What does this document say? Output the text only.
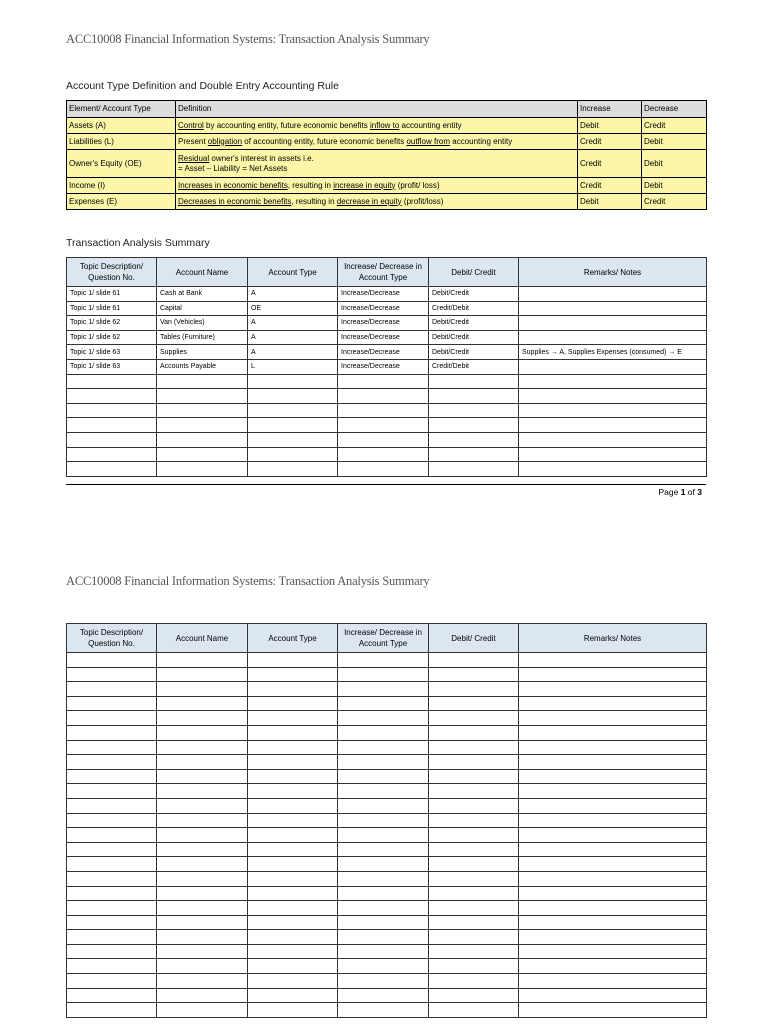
ACC10008 Financial Information Systems: Transaction Analysis Summary
Account Type Definition and Double Entry Accounting Rule
Element/ Account Type	Definition	Increase	Decrease
Assets (A)	Control by accounting entity, future economic benefits inflow to accounting entity	Debit	Credit
Liabilities (L)	Present obligation of accounting entity, future economic benefits outflow from accounting entity	Credit	Debit
Owner's Equity (OE)	Residual owner's interest in assets i.e.
= Asset – Liability = Net Assets	Credit	Debit
Income (I)	Increases in economic benefits, resulting in increase in equity (profit/ loss)	Credit	Debit
Expenses (E)	Decreases in economic benefits, resulting in decrease in equity (profit/loss)	Debit	Credit
Transaction Analysis Summary
Topic Description/ Question No.	Account Name	Account Type	Increase/ Decrease in Account Type	Debit/ Credit	Remarks/ Notes
Topic 1/ slide 61	Cash at Bank	A	Increase/Decrease	Debit/Credit	
Topic 1/ slide 61	Capital	OE	Increase/Decrease	Credit/Debit	
Topic 1/ slide 62	Van (Vehicles)	A	Increase/Decrease	Debit/Credit	
Topic 1/ slide 62	Tables (Furniture)	A	Increase/Decrease	Debit/Credit	
Topic 1/ slide 63	Supplies	A	Increase/Decrease	Debit/Credit	Supplies → A, Supplies Expenses (consumed) → E
Topic 1/ slide 63	Accounts Payable	L	Increase/Decrease	Credit/Debit	

Page 1 of 3
ACC10008 Financial Information Systems: Transaction Analysis Summary
Topic Description/ Question No.	Account Name	Account Type	Increase/ Decrease in Account Type	Debit/ Credit	Remarks/ Notes
